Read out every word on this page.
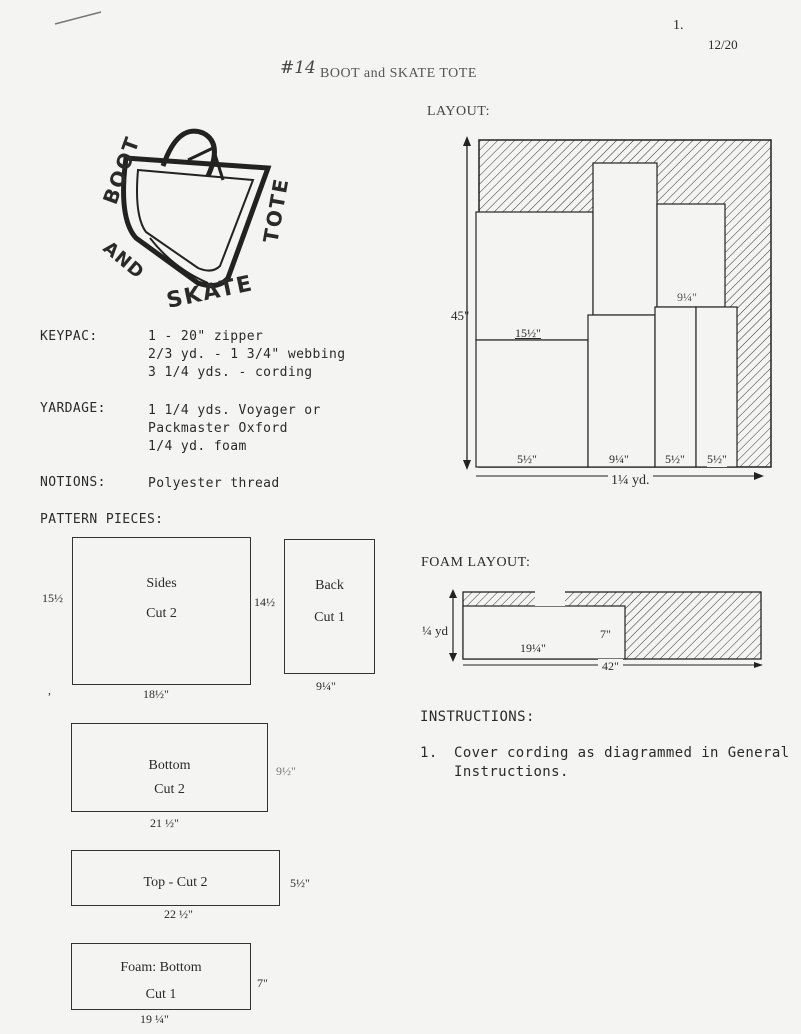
1.
12/20
#14 BOOT and SKATE TOTE
BOOT
AND
SKATE
TOTE
KEYPAC:	1 - 20" zipper
2/3 yd. - 1 3/4" webbing
3 1/4 yds. - cording
YARDAGE:	1 1/4 yds. Voyager or
Packmaster Oxford
1/4 yd. foam
NOTIONS:	Polyester thread
PATTERN PIECES:
Sides
Cut 2
15½
18½"
,
Back
Cut 1
14½
9¼"
Bottom
Cut 2
9½"
21 ½"
Top - Cut 2	5½"
22 ½"
Foam: Bottom
Cut 1
7"
19 ¼"
LAYOUT:
45"
15½"
9¼"
5½"	9¼"	5½" 5½"
1¼ yd.
FOAM LAYOUT:
¼ yd	7"
19¼"
42"
INSTRUCTIONS:
1. Cover cording as diagrammed in General
Instructions.
